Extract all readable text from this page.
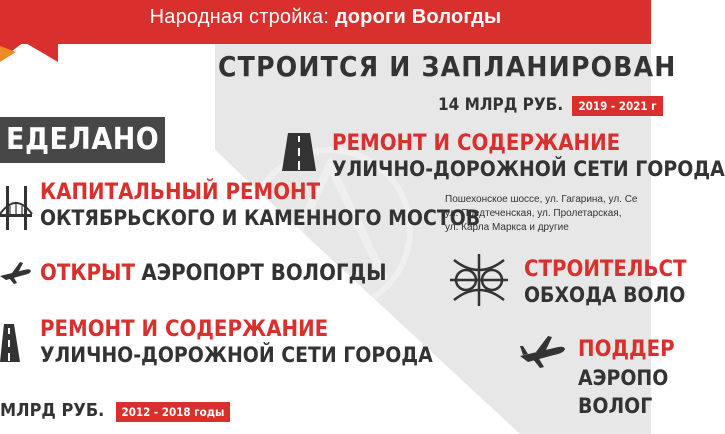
Народная стройка: дороги Вологды
СТРОИТСЯ И ЗАПЛАНИРОВАН
14 МЛРД РУБ. 2019 - 2021 г
ЕДЕЛАНО
КАПИТАЛЬНЫЙ РЕМОНТ
ОКТЯБРЬСКОГО И КАМЕННОГО МОСТОВ
ОТКРЫТ АЭРОПОРТ ВОЛОГДЫ
РЕМОНТ И СОДЕРЖАНИЕ
УЛИЧНО-ДОРОЖНОЙ СЕТИ ГОРОДА
МЛРД РУБ. 2012 - 2018 годы
РЕМОНТ И СОДЕРЖАНИЕ
УЛИЧНО-ДОРОЖНОЙ СЕТИ ГОРОДА
Пошехонское шоссе, ул. Гагарина, ул. Се
ул. Предтеченская, ул. Пролетарская,
ул. Карла Маркса и другие
СТРОИТЕЛЬСТ
ОБХОДА ВОЛО
ПОДДЕР
АЭРОПО
ВОЛОГ
